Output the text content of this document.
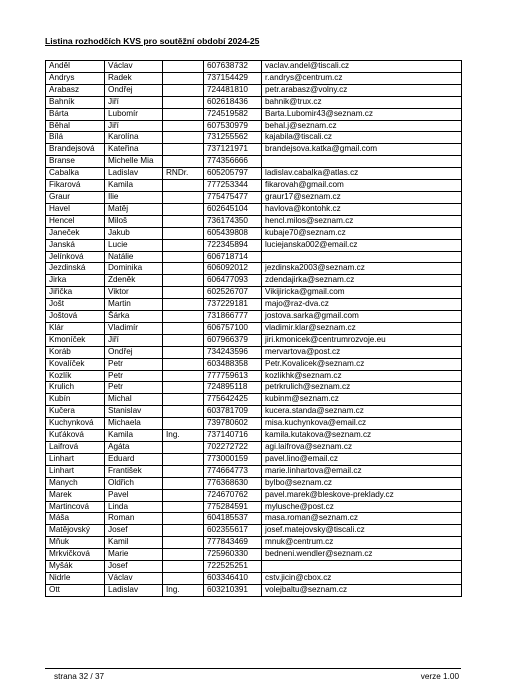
Listina rozhodčích KVS pro soutěžní období 2024-25
Anděl	Václav		607638732	vaclav.andel@tiscali.cz
Andrys	Radek		737154429	r.andrys@centrum.cz
Arabasz	Ondřej		724481810	petr.arabasz@volny.cz
Bahník	Jiří		602618436	bahnik@trux.cz
Bárta	Lubomír		724519582	Barta.Lubomir43@seznam.cz
Běhal	Jiří		607530979	behal.j@seznam.cz
Bílá	Karolína		731255562	kajabila@tiscali.cz
Brandejsová	Kateřina		737121971	brandejsova.katka@gmail.com
Branse	Michelle Mia		774356666	
Cabalka	Ladislav	RNDr.	605205797	ladislav.cabalka@atlas.cz
Fikarová	Kamila		777253344	fikarovah@gmail.com
Graur	Ilie		775475477	graur17@seznam.cz
Havel	Matěj		602645104	havlova@kontohk.cz
Hencel	Miloš		736174350	hencl.milos@seznam.cz
Janeček	Jakub		605439808	kubaje70@seznam.cz
Janská	Lucie		722345894	luciejanska002@email.cz
Jelínková	Natálie		606718714	
Jezdinská	Dominika		606092012	jezdinska2003@seznam.cz
Jirka	Zdeněk		606477093	zdendajirka@seznam.cz
Jiřička	Viktor		602526707	Vikijiricka@gmail.com
Jošt	Martin		737229181	majo@raz-dva.cz
Joštová	Šárka		731866777	jostova.sarka@gmail.com
Klár	Vladimír		606757100	vladimir.klar@seznam.cz
Kmoníček	Jiří		607966379	jiri.kmonicek@centrumrozvoje.eu
Koráb	Ondřej		734243596	mervartova@post.cz
Kovalíček	Petr		603488358	Petr.Kovalicek@seznam.cz
Kozlík	Petr		777759613	kozlikhk@seznam.cz
Krulich	Petr		724895118	petrkrulich@seznam.cz
Kubín	Michal		775642425	kubinm@seznam.cz
Kučera	Stanislav		603781709	kucera.standa@seznam.cz
Kuchynková	Michaela		739780602	misa.kuchynkova@email.cz
Kuťáková	Kamila	Ing.	737140716	kamila.kutakova@seznam.cz
Laifrová	Agáta		702272722	agi.laifrova@seznam.cz
Linhart	Eduard		773000159	pavel.lino@email.cz
Linhart	František		774664773	marie.linhartova@email.cz
Manych	Oldřich		776368630	bylbo@seznam.cz
Marek	Pavel		724670762	pavel.marek@bleskove-preklady.cz
Martincová	Linda		775284591	mylusche@post.cz
Máša	Roman		604185537	masa.roman@seznam.cz
Matějovský	Josef		602355617	josef.matejovsky@tiscali.cz
Mňuk	Kamil		777843469	mnuk@centrum.cz
Mrkvičková	Marie		725960330	bedneni.wendler@seznam.cz
Myšák	Josef		722525251	
Nidrle	Václav		603346410	cstv.jicin@cbox.cz
Ott	Ladislav	Ing.	603210391	volejbaltu@seznam.cz
strana 32 / 37	verze 1.00
